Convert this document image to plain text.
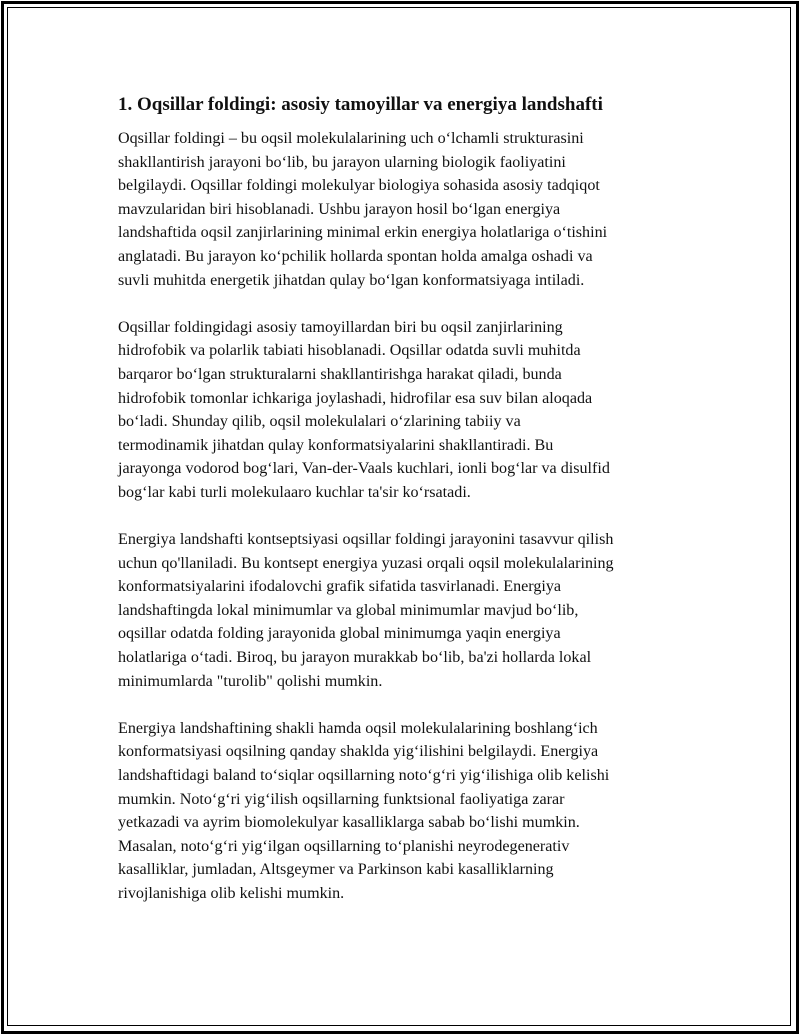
1. Oqsillar foldingi: asosiy tamoyillar va energiya landshafti
Oqsillar foldingi – bu oqsil molekulalarining uch oʻlchamli strukturasini
shakllantirish jarayoni boʻlib, bu jarayon ularning biologik faoliyatini
belgilaydi. Oqsillar foldingi molekulyar biologiya sohasida asosiy tadqiqot
mavzularidan biri hisoblanadi. Ushbu jarayon hosil boʻlgan energiya
landshaftida oqsil zanjirlarining minimal erkin energiya holatlariga oʻtishini
anglatadi. Bu jarayon koʻpchilik hollarda spontan holda amalga oshadi va
suvli muhitda energetik jihatdan qulay boʻlgan konformatsiyaga intiladi.
Oqsillar foldingidagi asosiy tamoyillardan biri bu oqsil zanjirlarining
hidrofobik va polarlik tabiati hisoblanadi. Oqsillar odatda suvli muhitda
barqaror boʻlgan strukturalarni shakllantirishga harakat qiladi, bunda
hidrofobik tomonlar ichkariga joylashadi, hidrofilar esa suv bilan aloqada
boʻladi. Shunday qilib, oqsil molekulalari oʻzlarining tabiiy va
termodinamik jihatdan qulay konformatsiyalarini shakllantiradi. Bu
jarayonga vodorod bogʻlari, Van-der-Vaals kuchlari, ionli bogʻlar va disulfid
bogʻlar kabi turli molekulaaro kuchlar ta'sir koʻrsatadi.
Energiya landshafti kontseptsiyasi oqsillar foldingi jarayonini tasavvur qilish
uchun qo'llaniladi. Bu kontsept energiya yuzasi orqali oqsil molekulalarining
konformatsiyalarini ifodalovchi grafik sifatida tasvirlanadi. Energiya
landshaftingda lokal minimumlar va global minimumlar mavjud boʻlib,
oqsillar odatda folding jarayonida global minimumga yaqin energiya
holatlariga oʻtadi. Biroq, bu jarayon murakkab boʻlib, ba'zi hollarda lokal
minimumlarda "turolib" qolishi mumkin.
Energiya landshaftining shakli hamda oqsil molekulalarining boshlangʻich
konformatsiyasi oqsilning qanday shaklda yigʻilishini belgilaydi. Energiya
landshaftidagi baland toʻsiqlar oqsillarning notoʻgʻri yigʻilishiga olib kelishi
mumkin. Notoʻgʻri yigʻilish oqsillarning funktsional faoliyatiga zarar
yetkazadi va ayrim biomolekulyar kasalliklarga sabab boʻlishi mumkin.
Masalan, notoʻgʻri yigʻilgan oqsillarning toʻplanishi neyrodegenerativ
kasalliklar, jumladan, Altsgeymer va Parkinson kabi kasalliklarning
rivojlanishiga olib kelishi mumkin.
